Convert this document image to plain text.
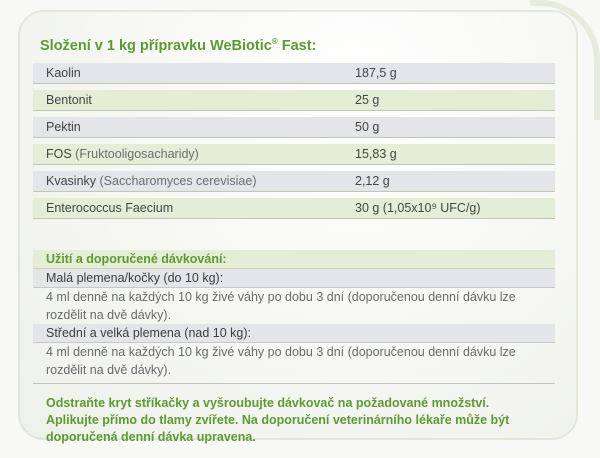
Složení v 1 kg přípravku WeBiotic® Fast:
Kaolin	187,5 g
Bentonit	25 g
Pektin	50 g
FOS (Fruktooligosacharidy)	15,83 g
Kvasinky (Saccharomyces cerevisiae)	2,12 g
Enterococcus Faecium	30 g (1,05x10⁹ UFC/g)
Užití a doporučené dávkování:
Malá plemena/kočky (do 10 kg):
4 ml denně na každých 10 kg živé váhy po dobu 3 dní (doporučenou denní dávku lze rozdělit na dvě dávky).
Střední a velká plemena (nad 10 kg):
4 ml denně na každých 10 kg živé váhy po dobu 3 dní (doporučenou denní dávku lze rozdělit na dvě dávky).
Odstraňte kryt stříkačky a vyšroubujte dávkovač na požadované množství.
Aplikujte přímo do tlamy zvířete. Na doporučení veterinárního lékaře může být
doporučená denní dávka upravena.
